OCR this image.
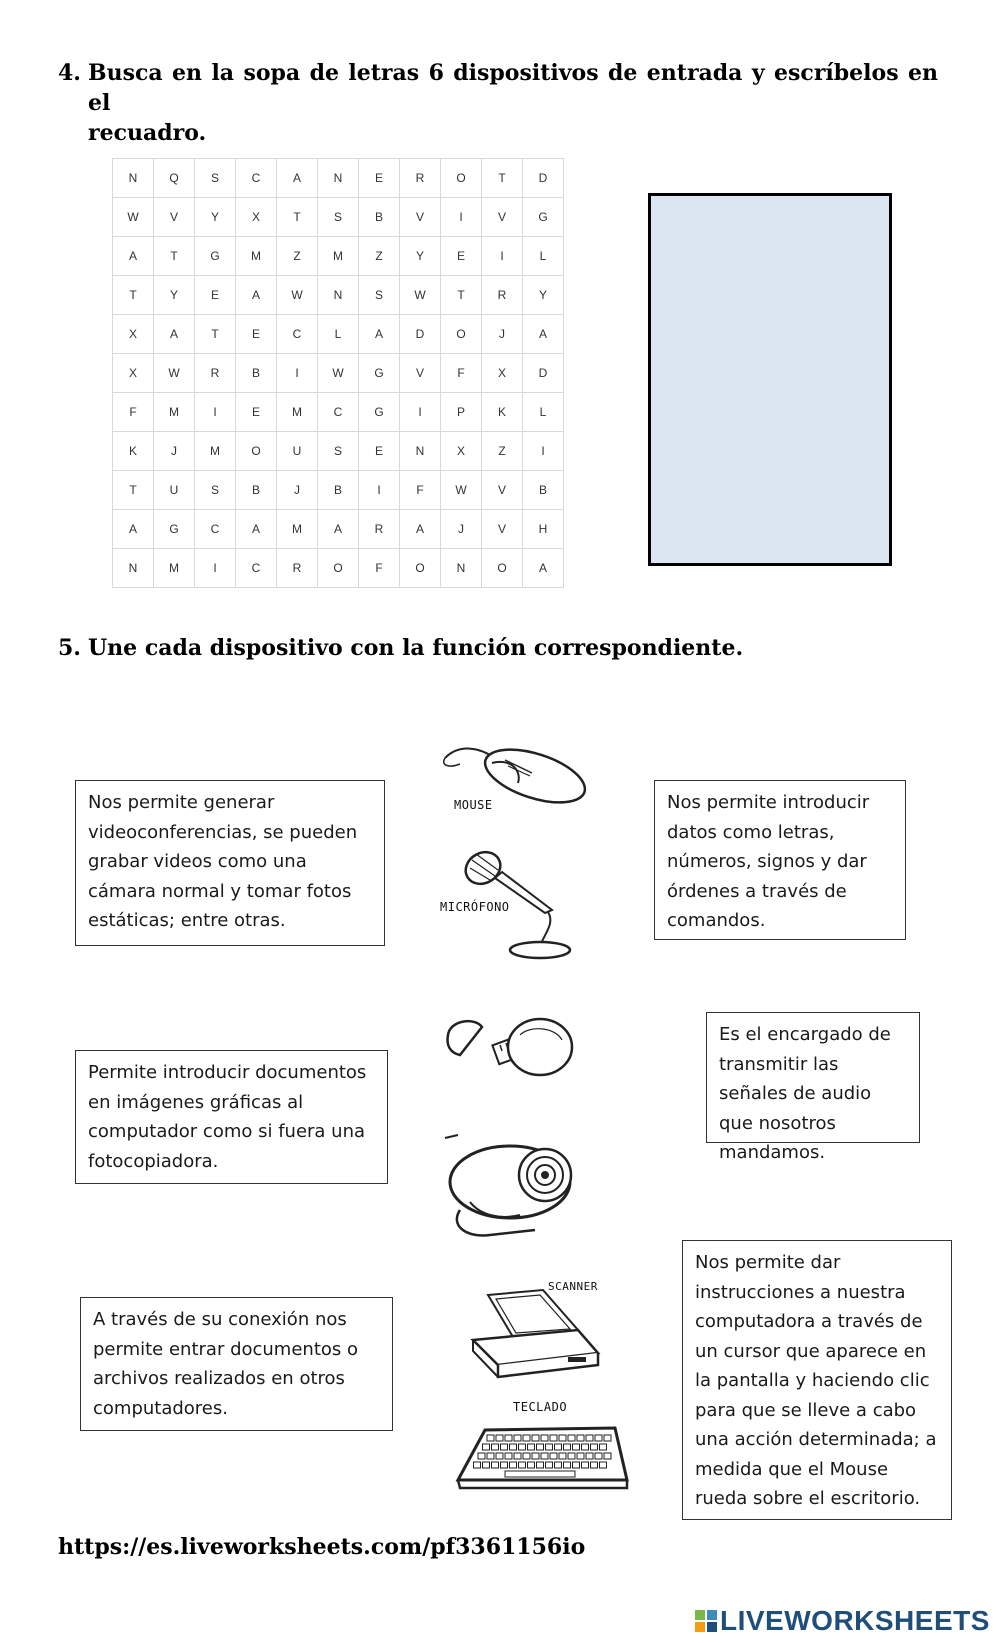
4. Busca en la sopa de letras 6 dispositivos de entrada y escríbelos en el
recuadro.
N	Q	S	C	A	N	E	R	O	T	D
W	V	Y	X	T	S	B	V	I	V	G
A	T	G	M	Z	M	Z	Y	E	I	L
T	Y	E	A	W	N	S	W	T	R	Y
X	A	T	E	C	L	A	D	O	J	A
X	W	R	B	I	W	G	V	F	X	D
F	M	I	E	M	C	G	I	P	K	L
K	J	M	O	U	S	E	N	X	Z	I
T	U	S	B	J	B	I	F	W	V	B
A	G	C	A	M	A	R	A	J	V	H
N	M	I	C	R	O	F	O	N	O	A
5. Une cada dispositivo con la función correspondiente.
Nos permite generar videoconferencias, se pueden grabar videos como una cámara normal y tomar fotos estáticas; entre otras.
Nos permite introducir datos como letras, números, signos y dar órdenes a través de comandos.
Permite introducir documentos en imágenes gráficas al computador como si fuera una fotocopiadora.
Es el encargado de transmitir las señales de audio que nosotros mandamos.
A través de su conexión nos permite entrar documentos o archivos realizados en otros computadores.
Nos permite dar instrucciones a nuestra computadora a través de un cursor que aparece en la pantalla y haciendo clic para que se lleve a cabo una acción determinada; a medida que el Mouse rueda sobre el escritorio.
MOUSE
MICRÓFONO
SCANNER
TECLADO
https://es.liveworksheets.com/pf3361156io
LIVEWORKSHEETS
